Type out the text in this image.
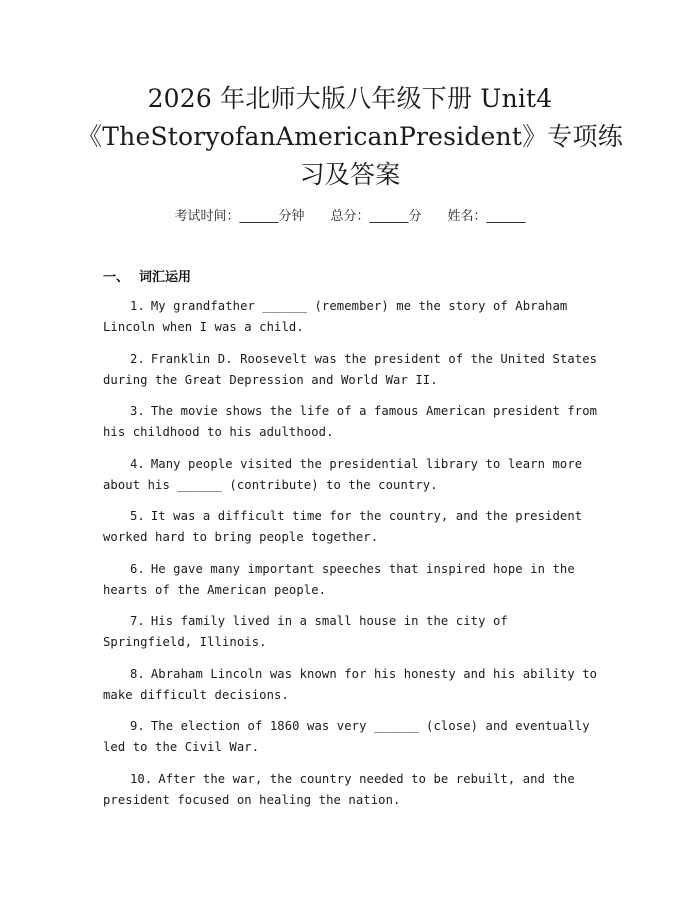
2026 年北师大版八年级下册 Unit4
《TheStoryofanAmericanPresident》专项练
习及答案
考试时间：______分钟 总分：______分 姓名：______
一、 词汇运用
1. My grandfather ______ (remember) me the story of Abraham Lincoln when I was a child.
2. Franklin D. Roosevelt was the president of the United States during the Great Depression and World War II.
3. The movie shows the life of a famous American president from his childhood to his adulthood.
4. Many people visited the presidential library to learn more about his ______ (contribute) to the country.
5. It was a difficult time for the country, and the president worked hard to bring people together.
6. He gave many important speeches that inspired hope in the hearts of the American people.
7. His family lived in a small house in the city of Springfield, Illinois.
8. Abraham Lincoln was known for his honesty and his ability to make difficult decisions.
9. The election of 1860 was very ______ (close) and eventually led to the Civil War.
10. After the war, the country needed to be rebuilt, and the president focused on healing the nation.
